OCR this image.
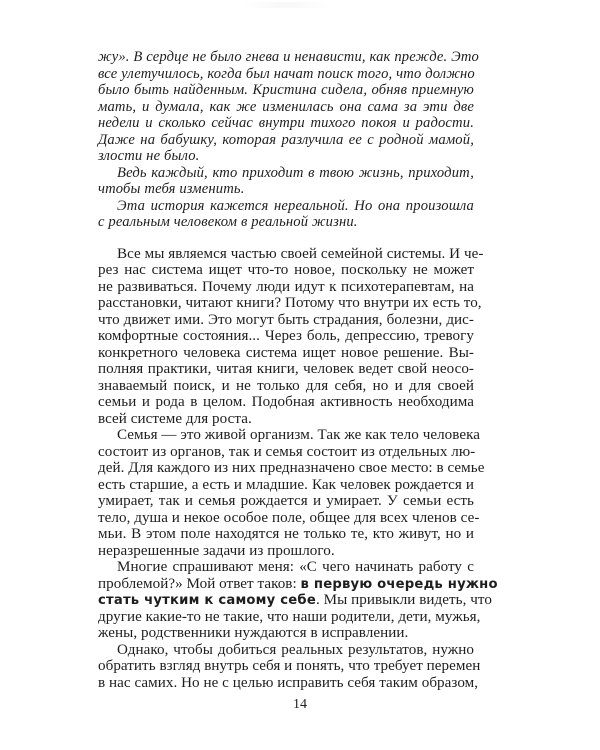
жу». В сердце не было гнева и ненависти, как прежде. Это
все улетучилось, когда был начат поиск того, что должно
было быть найденным. Кристина сидела, обняв приемную
мать, и думала, как же изменилась она сама за эти две
недели и сколько сейчас внутри тихого покоя и радости.
Даже на бабушку, которая разлучила ее с родной мамой,
злости не было.
Ведь каждый, кто приходит в твою жизнь, приходит,
чтобы тебя изменить.
Эта история кажется нереальной. Но она произошла
с реальным человеком в реальной жизни.
Все мы являемся частью своей семейной системы. И че-
рез нас система ищет что-то новое, поскольку не может
не развиваться. Почему люди идут к психотерапевтам, на
расстановки, читают книги? Потому что внутри их есть то,
что движет ими. Это могут быть страдания, болезни, дис-
комфортные состояния... Через боль, депрессию, тревогу
конкретного человека система ищет новое решение. Вы-
полняя практики, читая книги, человек ведет свой неосо-
знаваемый поиск, и не только для себя, но и для своей
семьи и рода в целом. Подобная активность необходима
всей системе для роста.
Семья — это живой организм. Так же как тело человека
состоит из органов, так и семья состоит из отдельных лю-
дей. Для каждого из них предназначено свое место: в семье
есть старшие, а есть и младшие. Как человек рождается и
умирает, так и семья рождается и умирает. У семьи есть
тело, душа и некое особое поле, общее для всех членов се-
мьи. В этом поле находятся не только те, кто живут, но и
неразрешенные задачи из прошлого.
Многие спрашивают меня: «С чего начинать работу с
проблемой?» Мой ответ таков: в первую очередь нужно
стать чутким к самому себе. Мы привыкли видеть, что
другие какие-то не такие, что наши родители, дети, мужья,
жены, родственники нуждаются в исправлении.
Однако, чтобы добиться реальных результатов, нужно
обратить взгляд внутрь себя и понять, что требует перемен
в нас самих. Но не с целью исправить себя таким образом,
14
